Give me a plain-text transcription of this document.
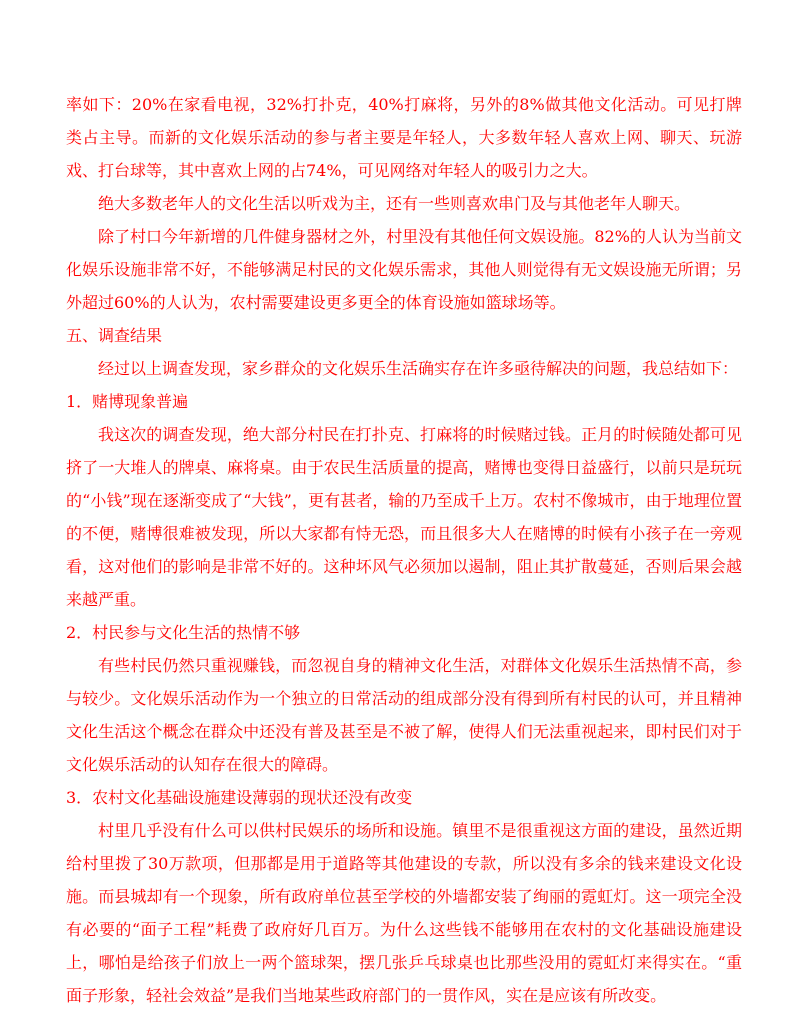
率如下：20%在家看电视，32%打扑克，40%打麻将，另外的8%做其他文化活动。可见打牌类占主导。而新的文化娱乐活动的参与者主要是年轻人，大多数年轻人喜欢上网、聊天、玩游戏、打台球等，其中喜欢上网的占74%，可见网络对年轻人的吸引力之大。

绝大多数老年人的文化生活以听戏为主，还有一些则喜欢串门及与其他老年人聊天。

除了村口今年新增的几件健身器材之外，村里没有其他任何文娱设施。82%的人认为当前文化娱乐设施非常不好，不能够满足村民的文化娱乐需求，其他人则觉得有无文娱设施无所谓；另外超过60%的人认为，农村需要建设更多更全的体育设施如篮球场等。

五、调查结果

经过以上调查发现，家乡群众的文化娱乐生活确实存在许多亟待解决的问题，我总结如下：

1．赌博现象普遍

我这次的调查发现，绝大部分村民在打扑克、打麻将的时候赌过钱。正月的时候随处都可见挤了一大堆人的牌桌、麻将桌。由于农民生活质量的提高，赌博也变得日益盛行，以前只是玩玩的“小钱”现在逐渐变成了“大钱”，更有甚者，输的乃至成千上万。农村不像城市，由于地理位置的不便，赌博很难被发现，所以大家都有恃无恐，而且很多大人在赌博的时候有小孩子在一旁观看，这对他们的影响是非常不好的。这种坏风气必须加以遏制，阻止其扩散蔓延，否则后果会越来越严重。

2．村民参与文化生活的热情不够

有些村民仍然只重视赚钱，而忽视自身的精神文化生活，对群体文化娱乐生活热情不高，参与较少。文化娱乐活动作为一个独立的日常活动的组成部分没有得到所有村民的认可，并且精神文化生活这个概念在群众中还没有普及甚至是不被了解，使得人们无法重视起来，即村民们对于文化娱乐活动的认知存在很大的障碍。

3．农村文化基础设施建设薄弱的现状还没有改变

村里几乎没有什么可以供村民娱乐的场所和设施。镇里不是很重视这方面的建设，虽然近期给村里拨了30万款项，但那都是用于道路等其他建设的专款，所以没有多余的钱来建设文化设施。而县城却有一个现象，所有政府单位甚至学校的外墙都安装了绚丽的霓虹灯。这一项完全没有必要的“面子工程”耗费了政府好几百万。为什么这些钱不能够用在农村的文化基础设施建设上，哪怕是给孩子们放上一两个篮球架，摆几张乒乓球桌也比那些没用的霓虹灯来得实在。“重面子形象，轻社会效益”是我们当地某些政府部门的一贯作风，实在是应该有所改变。
